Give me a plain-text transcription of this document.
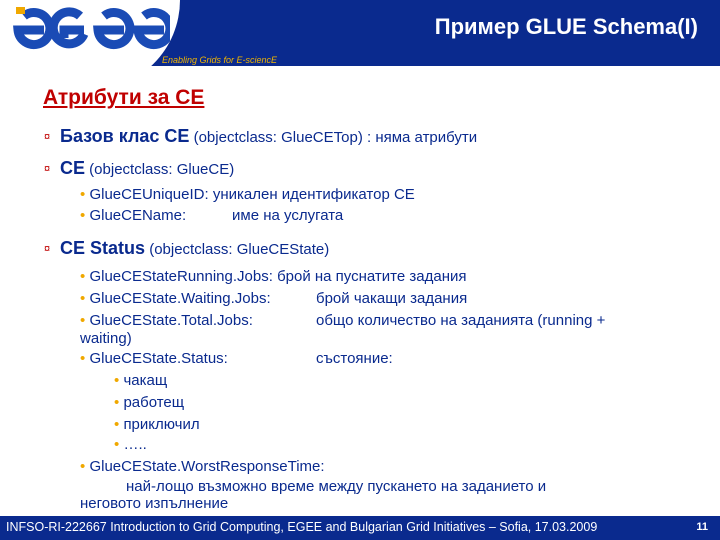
Enabling Grids for E-sciencE
Пример GLUE Schema(I)
Атрибути за CE
¤ Базов клас CE (objectclass: GlueCETop) : няма атрибути
¤ CE (objectclass: GlueCE)
• GlueCEUniqueID: уникален идентификатор CE
• GlueCEName:	име на услугата
¤ CE Status (objectclass: GlueCEState)
• GlueCEStateRunning.Jobs: брой на пуснатите задания
• GlueCEState.Waiting.Jobs:	брой чакащи задания
• GlueCEState.Total.Jobs:	общо количество на заданията (running +
waiting)
• GlueCEState.Status:	състояние:
• чакащ
• работещ
• приключил
• …..
• GlueCEState.WorstResponseTime:
най-лощо възможно време между пускането на заданието и
неговото изпълнение
INFSO-RI-222667 Introduction to Grid Computing, EGEE and Bulgarian Grid Initiatives – Sofia, 17.03.2009	11
